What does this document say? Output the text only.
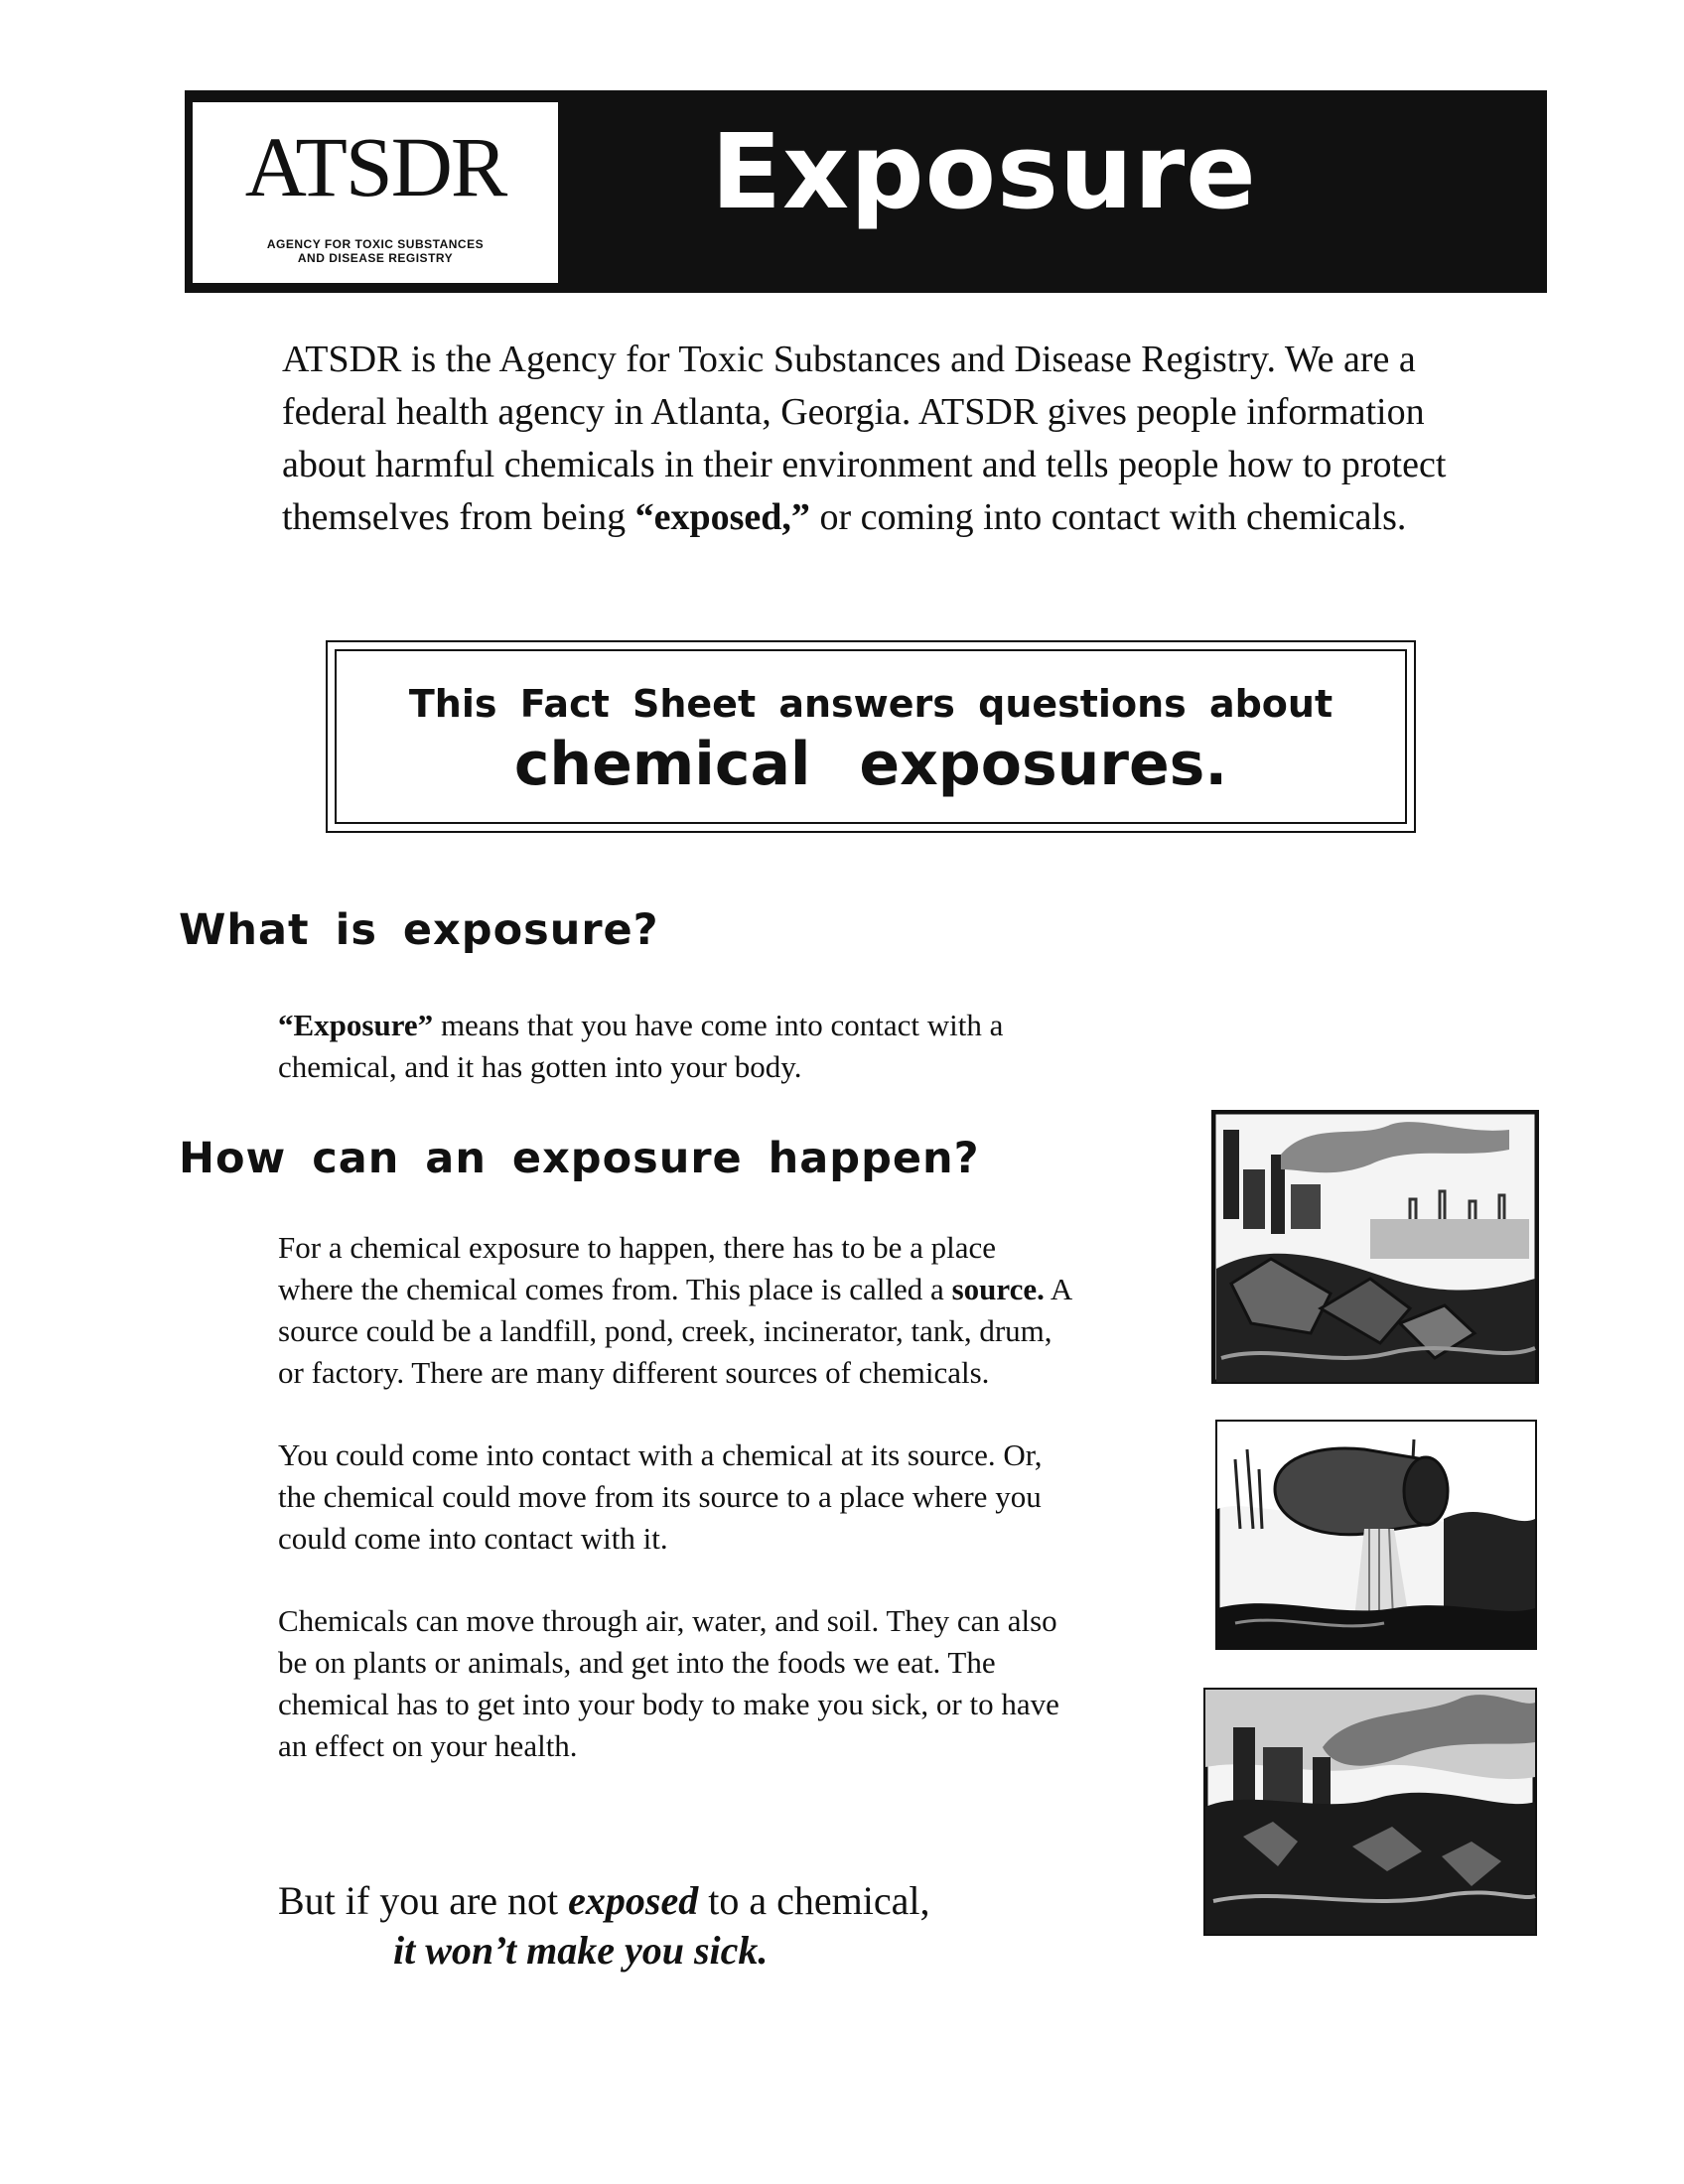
ATSDR
AGENCY FOR TOXIC SUBSTANCES
AND DISEASE REGISTRY
Exposure

ATSDR is the Agency for Toxic Substances and Disease Registry. We are a federal health agency in Atlanta, Georgia. ATSDR gives people information about harmful chemicals in their environment and tells people how to protect themselves from being “exposed,” or coming into contact with chemicals.

This Fact Sheet answers questions about
chemical exposures.
What is exposure?

“Exposure” means that you have come into contact with a chemical, and it has gotten into your body.

How can an exposure happen?

For a chemical exposure to happen, there has to be a place where the chemical comes from. This place is called a source. A source could be a landfill, pond, creek, incinerator, tank, drum, or factory. There are many different sources of chemicals.

You could come into contact with a chemical at its source. Or, the chemical could move from its source to a place where you could come into contact with it.

Chemicals can move through air, water, and soil. They can also be on plants or animals, and get into the foods we eat. The chemical has to get into your body to make you sick, or to have an effect on your health.

But if you are not exposed to a chemical,
it won’t make you sick.
